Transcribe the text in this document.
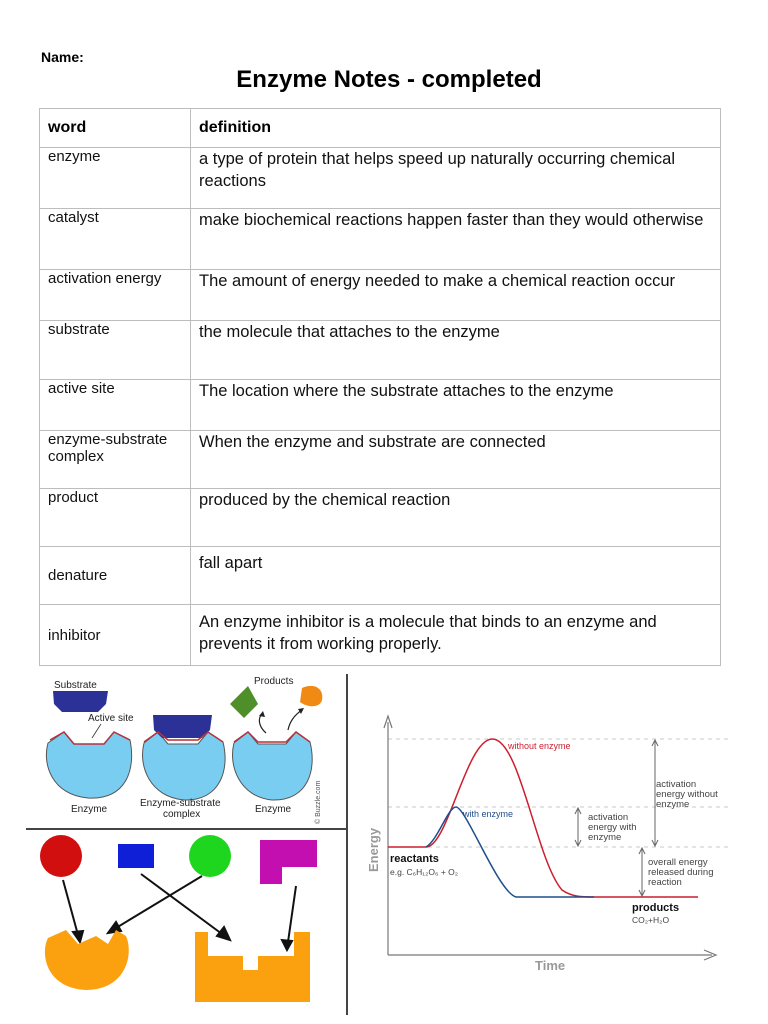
Name:
Enzyme Notes - completed
word	definition
enzyme	a type of protein that helps speed up naturally occurring chemical reactions
catalyst	make biochemical reactions happen faster than they would otherwise
activation energy	The amount of energy needed to make a chemical reaction occur
substrate	the molecule that attaches to the enzyme
active site	The location where the substrate attaches to the enzyme
enzyme-substrate complex	When the enzyme and substrate are connected
product	produced by the chemical reaction
denature	fall apart
inhibitor	An enzyme inhibitor is a molecule that binds to an enzyme and prevents it from working properly.
Substrate
Active site
Enzyme
Enzyme-substrate
complex	Enzyme
Products
© Buzzle.com
Energy
Time
without enzyme
with enzyme
activation
energy without
enzyme
activation
energy with
enzyme
overall energy
released during
reaction
reactants
e.g. C₆H₁₂O₆ + O₂
products
CO₂+H₂O
